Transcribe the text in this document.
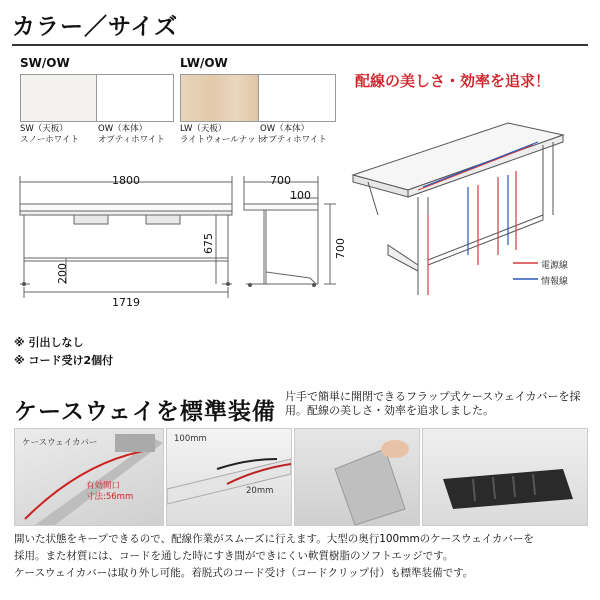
カラー／サイズ
SW/OW
SW（天板）
スノーホワイト
OW（本体）
オプティホワイト
LW/OW
LW（天板）
ライトウォールナット
OW（本体）
オプティホワイト
1800
1719
700
100
700
675
200
配線の美しさ・効率を追求！
電源線
情報線
※ 引出しなし
※ コード受け2個付
ケースウェイを標準装備
片手で簡単に開閉できるフラップ式ケースウェイカバーを採用。配線の美しさ・効率を追求しました。
ケースウェイカバー
有効開口
寸法:56mm
100mm
20mm
開いた状態をキープできるので、配線作業がスムーズに行えます。大型の奥行100mmのケースウェイカバーを
採用。また材質には、コードを通した時にすき間ができにくい軟質樹脂のソフトエッジです。
ケースウェイカバーは取り外し可能。着脱式のコード受け（コードクリップ付）も標準装備です。
